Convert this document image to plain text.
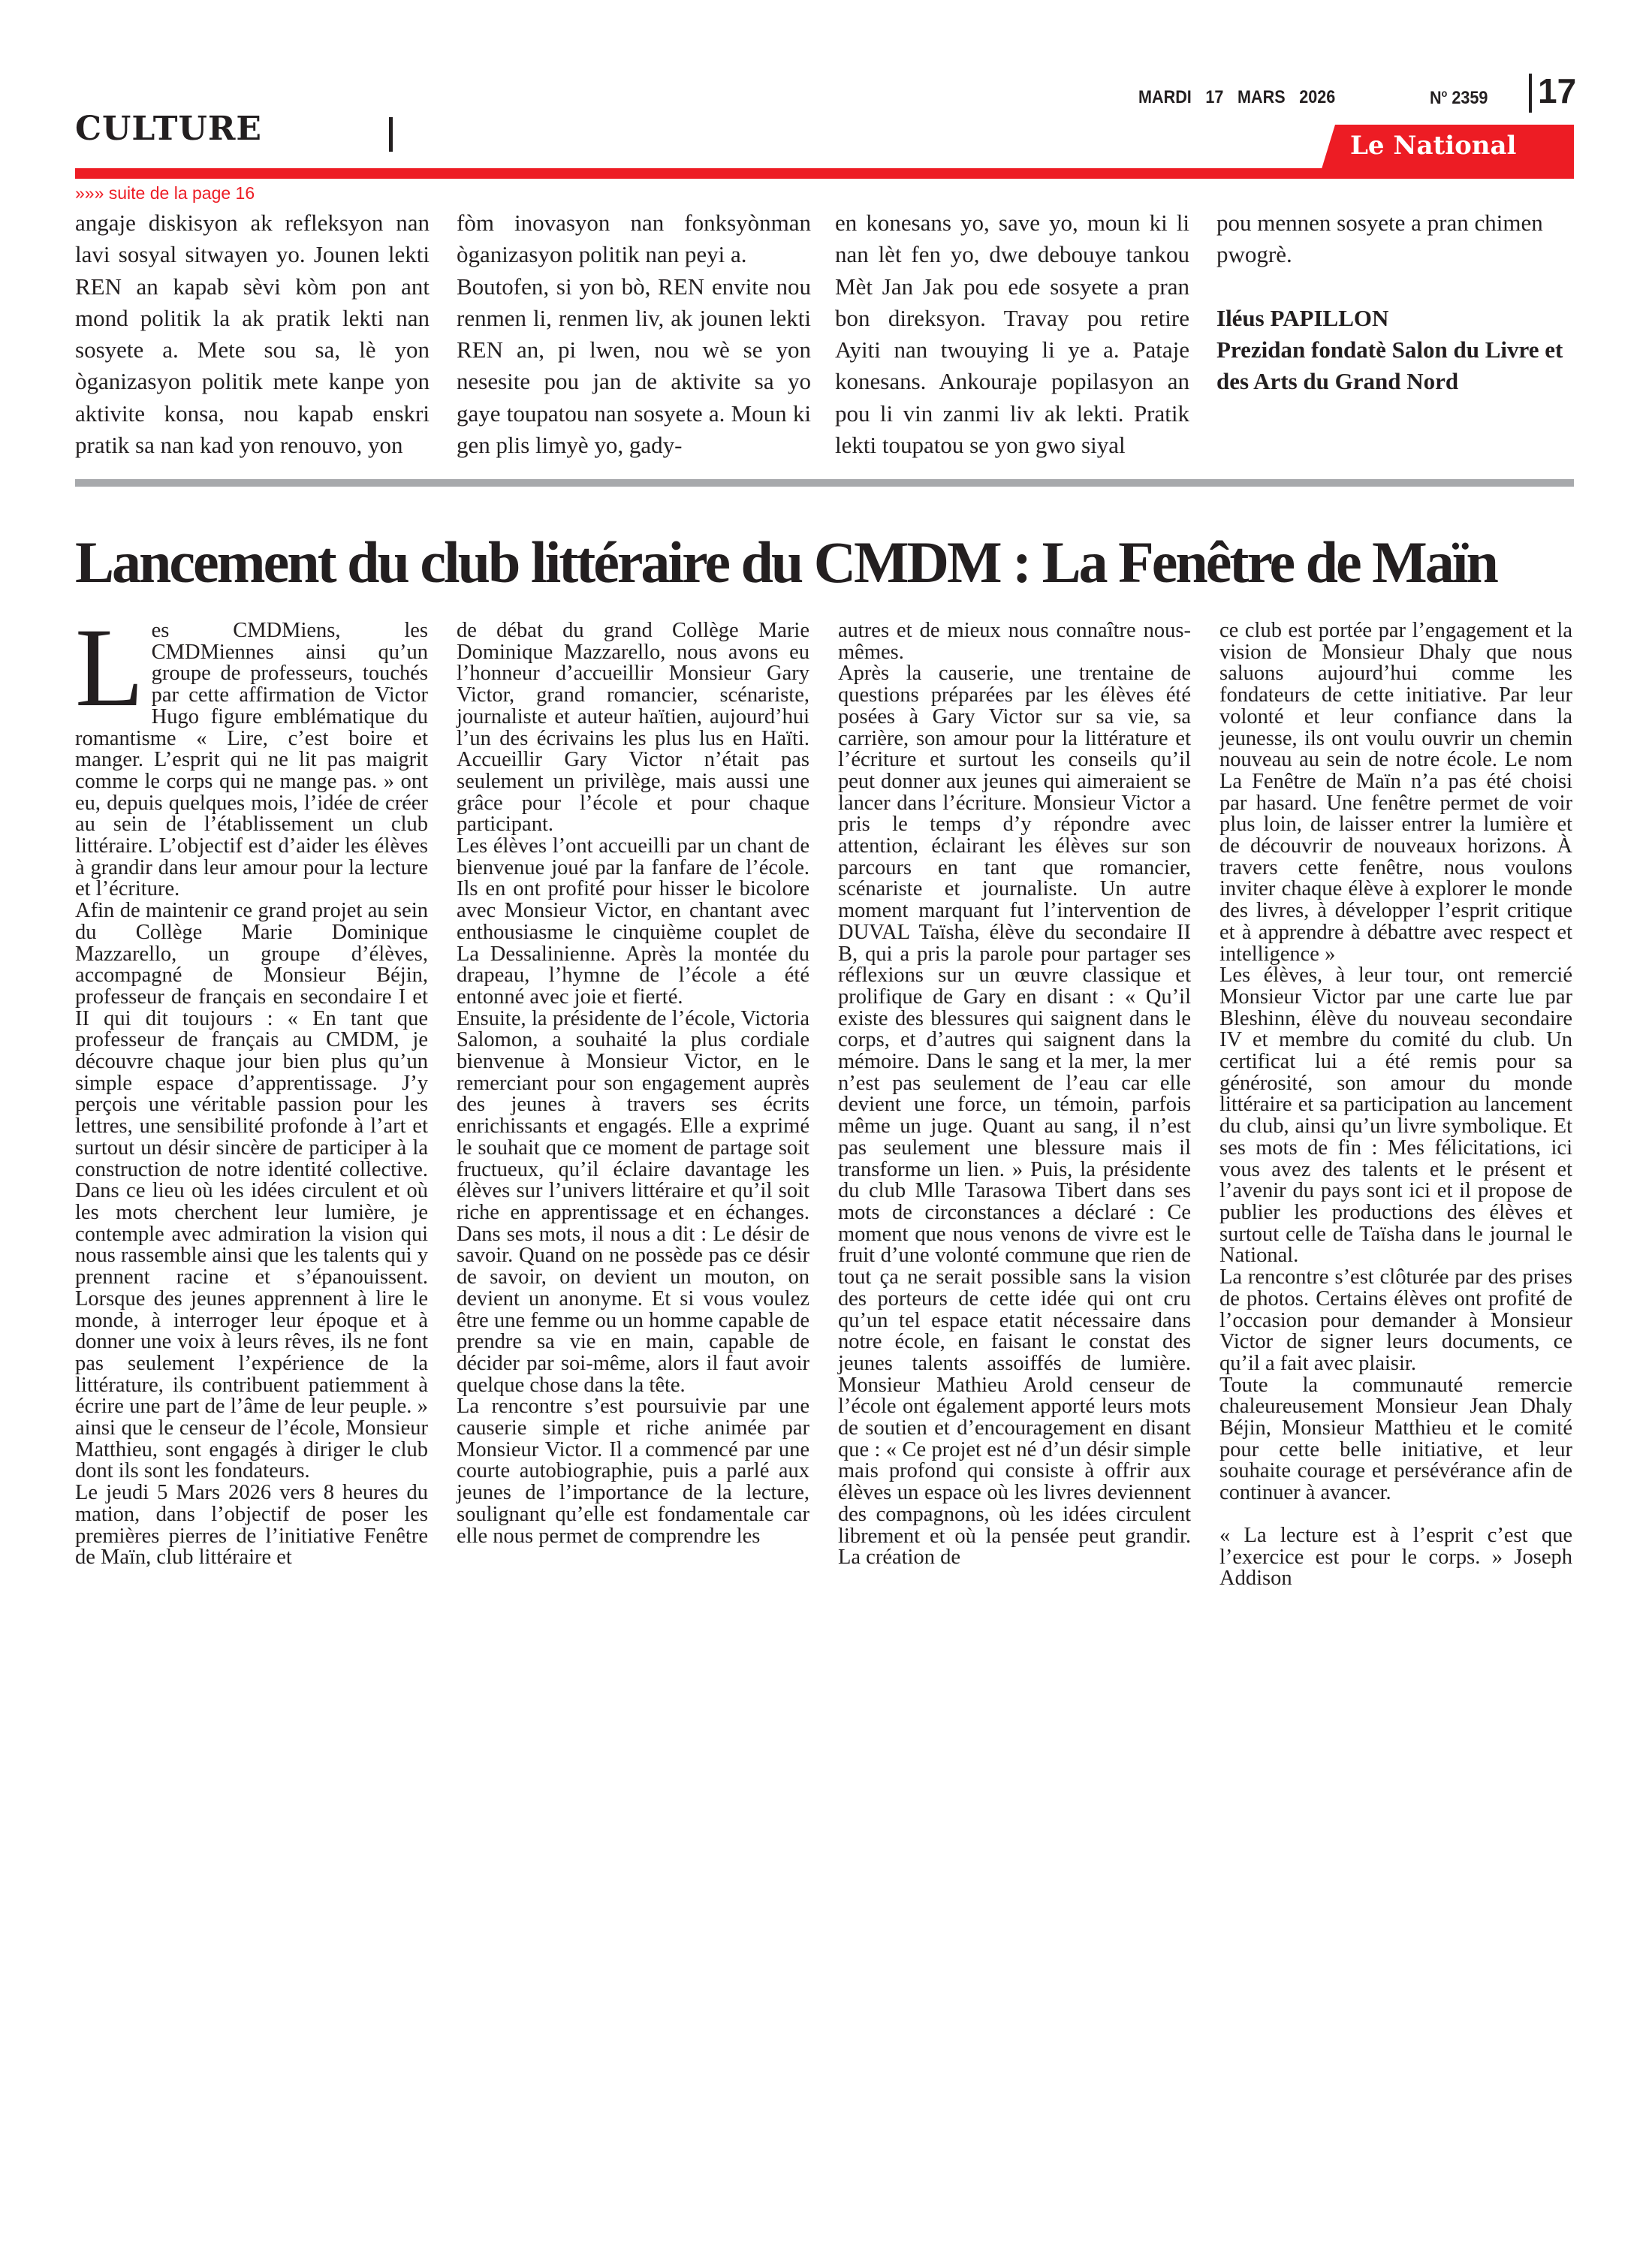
CULTURE
MARDI 17 MARS 2026	$N^o$ 2359 17
Le National
»»» suite de la page 16

angaje diskisyon ak refleksyon nan lavi sosyal sitwayen yo. Jounen lekti REN an kapab sèvi kòm pon ant mond politik la ak pratik lekti nan sosyete a. Mete sou sa, lè yon òganizasyon politik mete kanpe yon aktivite konsa, nou kapab enskri pratik sa nan kad yon renouvo, yon

fòm inovasyon nan fonksyònman òganizasyon politik nan peyi a.

Boutofen, si yon bò, REN envite nou renmen li, renmen liv, ak jounen lekti REN an, pi lwen, nou wè se yon nesesite pou jan de aktivite sa yo gaye toupatou nan sosyete a. Moun ki gen plis limyè yo, gady-

en konesans yo, save yo, moun ki li nan lèt fen yo, dwe debouye tankou Mèt Jan Jak pou ede sosyete a pran bon direksyon. Travay pou retire Ayiti nan twouying li ye a. Pataje konesans. Ankouraje popilasyon an pou li vin zanmi liv ak lekti. Pratik lekti toupatou se yon gwo siyal

pou mennen sosyete a pran chimen pwogrè.

Iléus PAPILLON

Prezidan fondatè Salon du Livre et des Arts du Grand Nord

Lancement du club littéraire du CMDM : La Fenêtre de Maïn

Les CMDMiens, les CMDMiennes ainsi qu’un groupe de professeurs, touchés par cette affirmation de Victor Hugo figure emblématique du romantisme « Lire, c’est boire et manger. L’esprit qui ne lit pas maigrit comme le corps qui ne mange pas. » ont eu, depuis quelques mois, l’idée de créer au sein de l’établissement un club littéraire. L’objectif est d’aider les élèves à grandir dans leur amour pour la lecture et l’écriture.

Afin de maintenir ce grand projet au sein du Collège Marie Dominique Mazzarello, un groupe d’élèves, accompagné de Monsieur Béjin, professeur de français en secondaire I et II qui dit toujours : « En tant que professeur de français au CMDM, je découvre chaque jour bien plus qu’un simple espace d’apprentissage. J’y perçois une véritable passion pour les lettres, une sensibilité profonde à l’art et surtout un désir sincère de participer à la construction de notre identité collective. Dans ce lieu où les idées circulent et où les mots cherchent leur lumière, je contemple avec admiration la vision qui nous rassemble ainsi que les talents qui y prennent racine et s’épanouissent. Lorsque des jeunes apprennent à lire le monde, à interroger leur époque et à donner une voix à leurs rêves, ils ne font pas seulement l’expérience de la littérature, ils contribuent patiemment à écrire une part de l’âme de leur peuple. » ainsi que le censeur de l’école, Monsieur Matthieu, sont engagés à diriger le club dont ils sont les fondateurs.

Le jeudi 5 Mars 2026 vers 8 heures du mation, dans l’objectif de poser les premières pierres de l’initiative Fenêtre de Maïn, club littéraire et

de débat du grand Collège Marie Dominique Mazzarello, nous avons eu l’honneur d’accueillir Monsieur Gary Victor, grand romancier, scénariste, journaliste et auteur haïtien, aujourd’hui l’un des écrivains les plus lus en Haïti. Accueillir Gary Victor n’était pas seulement un privilège, mais aussi une grâce pour l’école et pour chaque participant.

Les élèves l’ont accueilli par un chant de bienvenue joué par la fanfare de l’école. Ils en ont profité pour hisser le bicolore avec Monsieur Victor, en chantant avec enthousiasme le cinquième couplet de La Dessalinienne. Après la montée du drapeau, l’hymne de l’école a été entonné avec joie et fierté.

Ensuite, la présidente de l’école, Victoria Salomon, a souhaité la plus cordiale bienvenue à Monsieur Victor, en le remerciant pour son engagement auprès des jeunes à travers ses écrits enrichissants et engagés. Elle a exprimé le souhait que ce moment de partage soit fructueux, qu’il éclaire davantage les élèves sur l’univers littéraire et qu’il soit riche en apprentissage et en échanges. Dans ses mots, il nous a dit : Le désir de savoir. Quand on ne possède pas ce désir de savoir, on devient un mouton, on devient un anonyme. Et si vous voulez être une femme ou un homme capable de prendre sa vie en main, capable de décider par soi-même, alors il faut avoir quelque chose dans la tête.

La rencontre s’est poursuivie par une causerie simple et riche animée par Monsieur Victor. Il a commencé par une courte autobiographie, puis a parlé aux jeunes de l’importance de la lecture, soulignant qu’elle est fondamentale car elle nous permet de comprendre les

autres et de mieux nous connaître nous-mêmes.

Après la causerie, une trentaine de questions préparées par les élèves été posées à Gary Victor sur sa vie, sa carrière, son amour pour la littérature et l’écriture et surtout les conseils qu’il peut donner aux jeunes qui aimeraient se lancer dans l’écriture. Monsieur Victor a pris le temps d’y répondre avec attention, éclairant les élèves sur son parcours en tant que romancier, scénariste et journaliste. Un autre moment marquant fut l’intervention de DUVAL Taïsha, élève du secondaire II B, qui a pris la parole pour partager ses réflexions sur un œuvre classique et prolifique de Gary en disant : « Qu’il existe des blessures qui saignent dans le corps, et d’autres qui saignent dans la mémoire. Dans le sang et la mer, la mer n’est pas seulement de l’eau car elle devient une force, un témoin, parfois même un juge. Quant au sang, il n’est pas seulement une blessure mais il transforme un lien. » Puis, la présidente du club Mlle Tarasowa Tibert dans ses mots de circonstances a déclaré : Ce moment que nous venons de vivre est le fruit d’une volonté commune que rien de tout ça ne serait possible sans la vision des porteurs de cette idée qui ont cru qu’un tel espace etatit nécessaire dans notre école, en faisant le constat des jeunes talents assoiffés de lumière. Monsieur Mathieu Arold censeur de l’école ont également apporté leurs mots de soutien et d’encouragement en disant que : « Ce projet est né d’un désir simple mais profond qui consiste à offrir aux élèves un espace où les livres deviennent des compagnons, où les idées circulent librement et où la pensée peut grandir. La création de

ce club est portée par l’engagement et la vision de Monsieur Dhaly que nous saluons aujourd’hui comme les fondateurs de cette initiative. Par leur volonté et leur confiance dans la jeunesse, ils ont voulu ouvrir un chemin nouveau au sein de notre école. Le nom La Fenêtre de Maïn n’a pas été choisi par hasard. Une fenêtre permet de voir plus loin, de laisser entrer la lumière et de découvrir de nouveaux horizons. À travers cette fenêtre, nous voulons inviter chaque élève à explorer le monde des livres, à développer l’esprit critique et à apprendre à débattre avec respect et intelligence »

Les élèves, à leur tour, ont remercié Monsieur Victor par une carte lue par Bleshinn, élève du nouveau secondaire IV et membre du comité du club. Un certificat lui a été remis pour sa générosité, son amour du monde littéraire et sa participation au lancement du club, ainsi qu’un livre symbolique. Et ses mots de fin : Mes félicitations, ici vous avez des talents et le présent et l’avenir du pays sont ici et il propose de publier les productions des élèves et surtout celle de Taïsha dans le journal le National.

La rencontre s’est clôturée par des prises de photos. Certains élèves ont profité de l’occasion pour demander à Monsieur Victor de signer leurs documents, ce qu’il a fait avec plaisir.

Toute la communauté remercie chaleureusement Monsieur Jean Dhaly Béjin, Monsieur Matthieu et le comité pour cette belle initiative, et leur souhaite courage et persévérance afin de continuer à avancer.

« La lecture est à l’esprit c’est que l’exercice est pour le corps. » Joseph Addison
